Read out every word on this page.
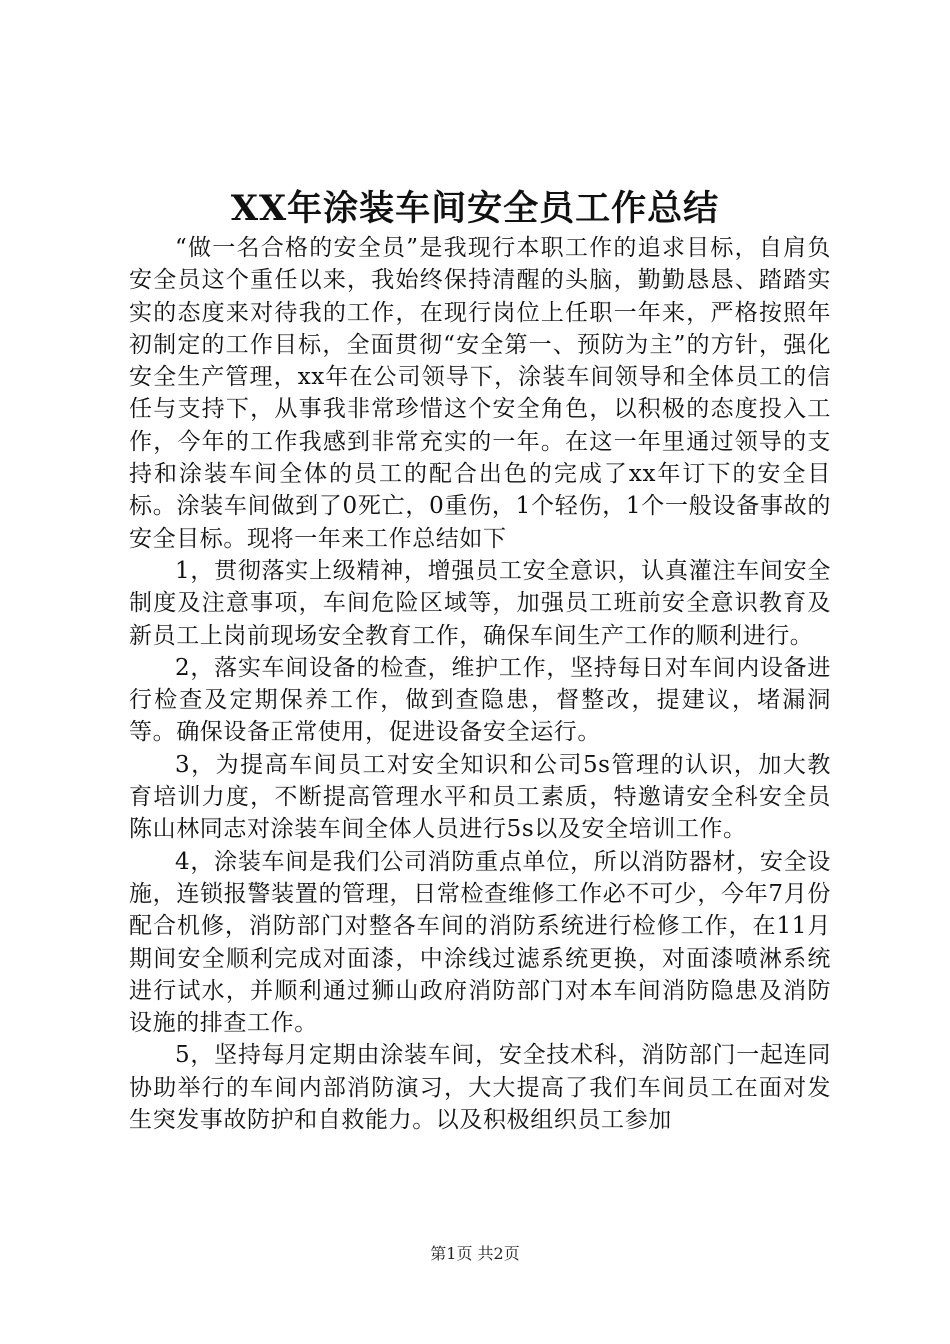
XX年涂装车间安全员工作总结

“做一名合格的安全员”是我现行本职工作的追求目标，自肩负安全员这个重任以来，我始终保持清醒的头脑，勤勤恳恳、踏踏实实的态度来对待我的工作，在现行岗位上任职一年来，严格按照年初制定的工作目标，全面贯彻“安全第一、预防为主”的方针，强化安全生产管理，xx年在公司领导下，涂装车间领导和全体员工的信任与支持下，从事我非常珍惜这个安全角色，以积极的态度投入工作，今年的工作我感到非常充实的一年。在这一年里通过领导的支持和涂装车间全体的员工的配合出色的完成了xx年订下的安全目标。涂装车间做到了0死亡，0重伤，1个轻伤，1个一般设备事故的安全目标。现将一年来工作总结如下

1，贯彻落实上级精神，增强员工安全意识，认真灌注车间安全制度及注意事项，车间危险区域等，加强员工班前安全意识教育及新员工上岗前现场安全教育工作，确保车间生产工作的顺利进行。

2，落实车间设备的检查，维护工作，坚持每日对车间内设备进行检查及定期保养工作，做到查隐患，督整改，提建议，堵漏洞等。确保设备正常使用，促进设备安全运行。

3，为提高车间员工对安全知识和公司5s管理的认识，加大教育培训力度，不断提高管理水平和员工素质，特邀请安全科安全员陈山林同志对涂装车间全体人员进行5s以及安全培训工作。

4，涂装车间是我们公司消防重点单位，所以消防器材，安全设施，连锁报警装置的管理，日常检查维修工作必不可少，今年7月份配合机修，消防部门对整各车间的消防系统进行检修工作，在11月期间安全顺利完成对面漆，中涂线过滤系统更换，对面漆喷淋系统进行试水，并顺利通过狮山政府消防部门对本车间消防隐患及消防设施的排查工作。

5，坚持每月定期由涂装车间，安全技术科，消防部门一起连同协助举行的车间内部消防演习，大大提高了我们车间员工在面对发生突发事故防护和自救能力。以及积极组织员工参加

第1页 共2页
